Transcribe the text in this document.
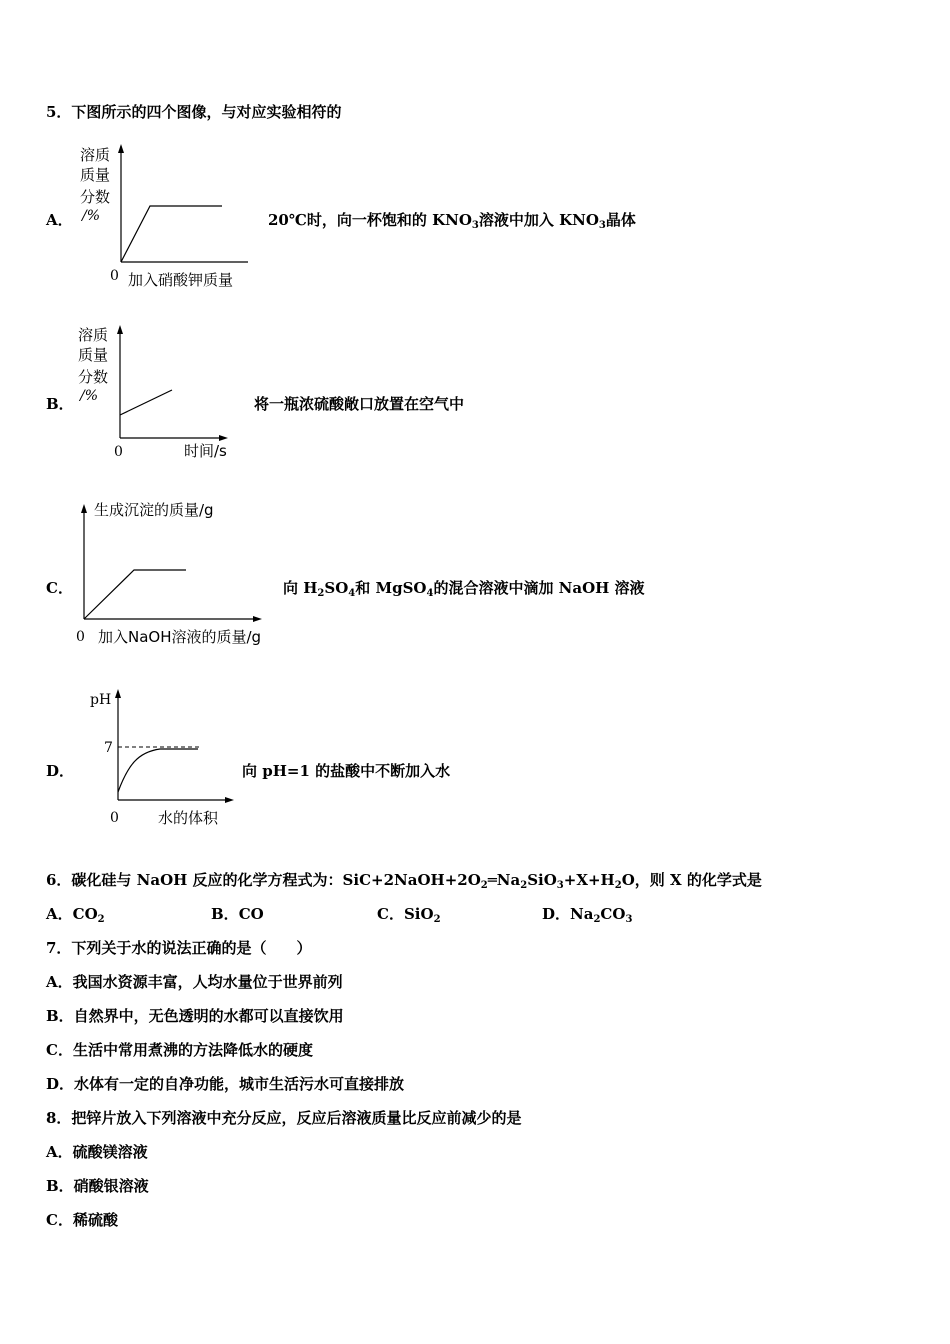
5．下图所示的四个图像，与对应实验相符的
A．
溶质
质量
分数
/%
0 加入硝酸钾质量
20℃时，向一杯饱和的 $KNO_3$溶液中加入 $KNO_3$晶体
B．
溶质
质量
分数
/%
0	时间/s
将一瓶浓硫酸敞口放置在空气中
C．
生成沉淀的质量/g
0 加入NaOH溶液的质量/g
向 $H_2SO_4$和 MgSO$_4$的混合溶液中滴加 NaOH 溶液
D．
pH
7
0	水的体积
向 pH=1 的盐酸中不断加入水
6．碳化硅与 NaOH 反应的化学方程式为：$SiC+2NaOH+2O_2═Na_2SiO_3+X+H_2O$，则 X 的化学式是
A．$CO_2$	B．CO	C．SiO$_2$	D．$Na_2CO_3$
7．下列关于水的说法正确的是（　　）
A．我国水资源丰富，人均水量位于世界前列
B．自然界中，无色透明的水都可以直接饮用
C．生活中常用煮沸的方法降低水的硬度
D．水体有一定的自净功能，城市生活污水可直接排放
8．把锌片放入下列溶液中充分反应，反应后溶液质量比反应前减少的是
A．硫酸镁溶液
B．硝酸银溶液
C．稀硫酸
